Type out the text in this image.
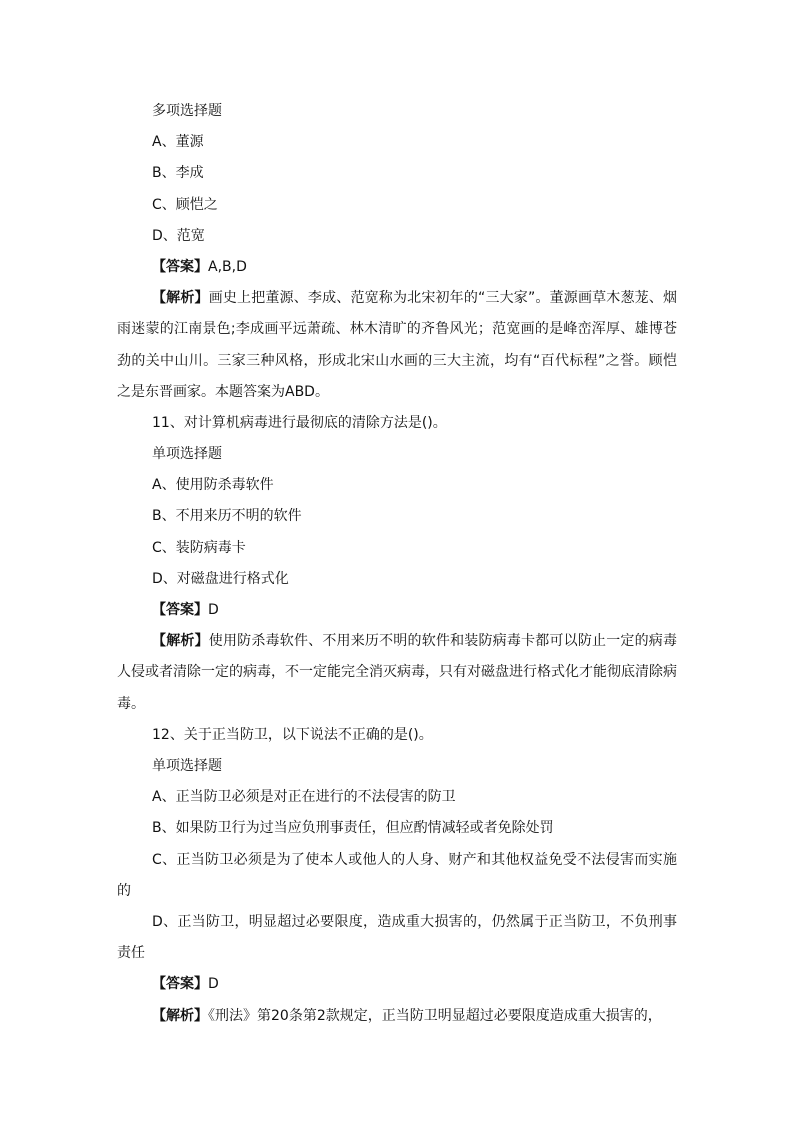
多项选择题
A、董源
B、李成
C、顾恺之
D、范宽
【答案】A,B,D
【解析】画史上把董源、李成、范宽称为北宋初年的“三大家”。董源画草木葱茏、烟雨迷蒙的江南景色;李成画平远萧疏、林木清旷的齐鲁风光；范宽画的是峰峦浑厚、雄博苍劲的关中山川。三家三种风格，形成北宋山水画的三大主流，均有“百代标程”之誉。顾恺之是东晋画家。本题答案为ABD。
11、对计算机病毒进行最彻底的清除方法是()。
单项选择题
A、使用防杀毒软件
B、不用来历不明的软件
C、装防病毒卡
D、对磁盘进行格式化
【答案】D
【解析】使用防杀毒软件、不用来历不明的软件和装防病毒卡都可以防止一定的病毒人侵或者清除一定的病毒，不一定能完全消灭病毒，只有对磁盘进行格式化才能彻底清除病毒。
12、关于正当防卫，以下说法不正确的是()。
单项选择题
A、正当防卫必须是对正在进行的不法侵害的防卫
B、如果防卫行为过当应负刑事责任，但应酌情减轻或者免除处罚
C、正当防卫必须是为了使本人或他人的人身、财产和其他权益免受不法侵害而实施的
D、正当防卫，明显超过必要限度，造成重大损害的，仍然属于正当防卫，不负刑事责任
【答案】D
【解析】《刑法》第20条第2款规定，正当防卫明显超过必要限度造成重大损害的，
